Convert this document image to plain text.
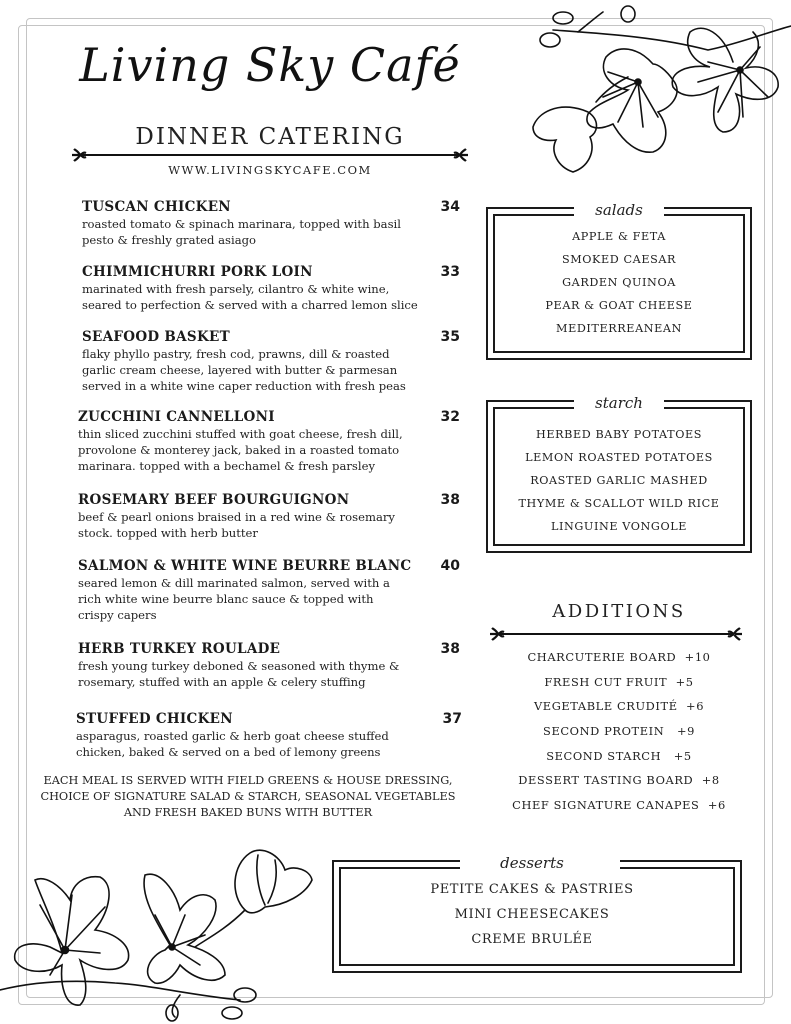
Living Sky Café
DINNER CATERING
WWW.LIVINGSKYCAFE.COM
TUSCAN CHICKEN	34
roasted tomato & spinach marinara, topped with basil pesto & freshly grated asiago
CHIMMICHURRI PORK LOIN	33
marinated with fresh parsely, cilantro & white wine, seared to perfection & served with a charred lemon slice
SEAFOOD BASKET	35
flaky phyllo pastry, fresh cod, prawns, dill & roasted garlic cream cheese, layered with butter & parmesan served in a white wine caper reduction with fresh peas
ZUCCHINI CANNELLONI	32
thin sliced zucchini stuffed with goat cheese, fresh dill, provolone & monterey jack, baked in a roasted tomato marinara. topped with a bechamel & fresh parsley
ROSEMARY BEEF BOURGUIGNON	38
beef & pearl onions braised in a red wine & rosemary stock. topped with herb butter
SALMON & WHITE WINE BEURRE BLANC	40
seared lemon & dill marinated salmon, served with a rich white wine beurre blanc sauce & topped with crispy capers
HERB TURKEY ROULADE	38
fresh young turkey deboned & seasoned with thyme & rosemary, stuffed with an apple & celery stuffing
STUFFED CHICKEN	37
asparagus, roasted garlic & herb goat cheese stuffed chicken, baked & served on a bed of lemony greens
EACH MEAL IS SERVED WITH FIELD GREENS & HOUSE DRESSING, CHOICE OF SIGNATURE SALAD & STARCH, SEASONAL VEGETABLES AND FRESH BAKED BUNS WITH BUTTER
salads
APPLE & FETA
SMOKED CAESAR
GARDEN QUINOA
PEAR & GOAT CHEESE
MEDITERREANEAN
starch
HERBED BABY POTATOES
LEMON ROASTED POTATOES
ROASTED GARLIC MASHED
THYME & SCALLOT WILD RICE
LINGUINE VONGOLE
ADDITIONS
CHARCUTERIE BOARD  +10
FRESH CUT FRUIT  +5
VEGETABLE CRUDITÉ  +6
SECOND PROTEIN   +9
SECOND STARCH   +5
DESSERT TASTING BOARD  +8
CHEF SIGNATURE CANAPES  +6
desserts
PETITE CAKES & PASTRIES
MINI CHEESECAKES
CREME BRULÉE
